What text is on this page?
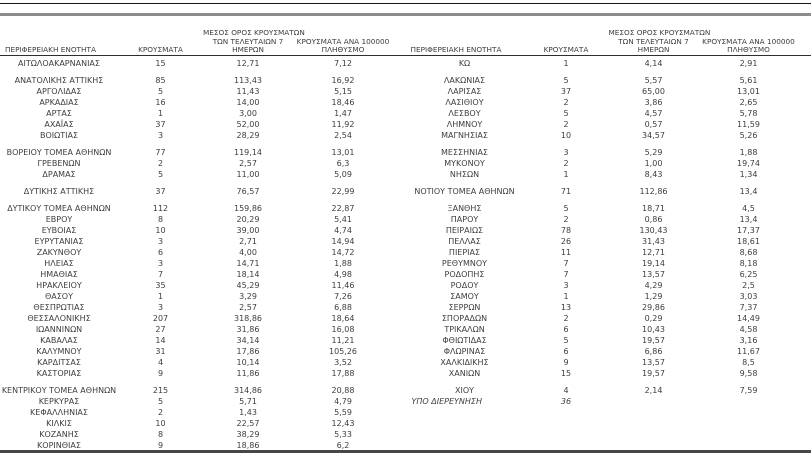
ΠΕΡΙΦΕΡΕΙΑΚΗ ΕΝΟΤΗΤΑ	ΚΡΟΥΣΜΑΤΑ
ΜΕΣΟΣ ΟΡΟΣ ΚΡΟΥΣΜΑΤΩΝ
ΤΩΝ ΤΕΛΕΥΤΑΙΩΝ 7
ΗΜΕΡΩΝ
ΚΡΟΥΣΜΑΤΑ ΑΝΑ 100000
ΠΛΗΘΥΣΜΟ
ΑΙΤΩΛΟΑΚΑΡΝΑΝΙΑΣ	15	12,71	7,12
ΑΝΑΤΟΛΙΚΗΣ ΑΤΤΙΚΗΣ	85	113,43	16,92
ΑΡΓΟΛΙΔΑΣ	5	11,43	5,15
ΑΡΚΑΔΙΑΣ	16	14,00	18,46
ΑΡΤΑΣ	1	3,00	1,47
ΑΧΑΪΑΣ	37	52,00	11,92
ΒΟΙΩΤΙΑΣ	3	28,29	2,54
ΒΟΡΕΙΟΥ ΤΟΜΕΑ ΑΘΗΝΩΝ	77	119,14	13,01
ΓΡΕΒΕΝΩΝ	2	2,57	6,3
ΔΡΑΜΑΣ	5	11,00	5,09
ΔΥΤΙΚΗΣ ΑΤΤΙΚΗΣ	37	76,57	22,99
ΔΥΤΙΚΟΥ ΤΟΜΕΑ ΑΘΗΝΩΝ	112	159,86	22,87
ΕΒΡΟΥ	8	20,29	5,41
ΕΥΒΟΙΑΣ	10	39,00	4,74
ΕΥΡΥΤΑΝΙΑΣ	3	2,71	14,94
ΖΑΚΥΝΘΟΥ	6	4,00	14,72
ΗΛΕΙΑΣ	3	14,71	1,88
ΗΜΑΘΙΑΣ	7	18,14	4,98
ΗΡΑΚΛΕΙΟΥ	35	45,29	11,46
ΘΑΣΟΥ	1	3,29	7,26
ΘΕΣΠΡΩΤΙΑΣ	3	2,57	6,88
ΘΕΣΣΑΛΟΝΙΚΗΣ	207	318,86	18,64
ΙΩΑΝΝΙΝΩΝ	27	31,86	16,08
ΚΑΒΑΛΑΣ	14	34,14	11,21
ΚΑΛΥΜΝΟΥ	31	17,86	105,26
ΚΑΡΔΙΤΣΑΣ	4	10,14	3,52
ΚΑΣΤΟΡΙΑΣ	9	11,86	17,88
ΚΕΝΤΡΙΚΟΥ ΤΟΜΕΑ ΑΘΗΝΩΝ	215	314,86	20,88
ΚΕΡΚΥΡΑΣ	5	5,71	4,79
ΚΕΦΑΛΛΗΝΙΑΣ	2	1,43	5,59
ΚΙΛΚΙΣ	10	22,57	12,43
ΚΟΖΑΝΗΣ	8	38,29	5,33
ΚΟΡΙΝΘΙΑΣ	9	18,86	6,2
ΠΕΡΙΦΕΡΕΙΑΚΗ ΕΝΟΤΗΤΑ	ΚΡΟΥΣΜΑΤΑ
ΜΕΣΟΣ ΟΡΟΣ ΚΡΟΥΣΜΑΤΩΝ
ΤΩΝ ΤΕΛΕΥΤΑΙΩΝ 7
ΗΜΕΡΩΝ
ΚΡΟΥΣΜΑΤΑ ΑΝΑ 100000
ΠΛΗΘΥΣΜΟ
ΚΩ	1	4,14	2,91
ΛΑΚΩΝΙΑΣ	5	5,57	5,61
ΛΑΡΙΣΑΣ	37	65,00	13,01
ΛΑΣΙΘΙΟΥ	2	3,86	2,65
ΛΕΣΒΟΥ	5	4,57	5,78
ΛΗΜΝΟΥ	2	0,57	11,59
ΜΑΓΝΗΣΙΑΣ	10	34,57	5,26
ΜΕΣΣΗΝΙΑΣ	3	5,29	1,88
ΜΥΚΟΝΟΥ	2	1,00	19,74
ΝΗΣΩΝ	1	8,43	1,34
ΝΟΤΙΟΥ ΤΟΜΕΑ ΑΘΗΝΩΝ	71	112,86	13,4
ΞΑΝΘΗΣ	5	18,71	4,5
ΠΑΡΟΥ	2	0,86	13,4
ΠΕΙΡΑΙΩΣ	78	130,43	17,37
ΠΕΛΛΑΣ	26	31,43	18,61
ΠΙΕΡΙΑΣ	11	12,71	8,68
ΡΕΘΥΜΝΟΥ	7	19,14	8,18
ΡΟΔΟΠΗΣ	7	13,57	6,25
ΡΟΔΟΥ	3	4,29	2,5
ΣΑΜΟΥ	1	1,29	3,03
ΣΕΡΡΩΝ	13	29,86	7,37
ΣΠΟΡΑΔΩΝ	2	0,29	14,49
ΤΡΙΚΑΛΩΝ	6	10,43	4,58
ΦΘΙΩΤΙΔΑΣ	5	19,57	3,16
ΦΛΩΡΙΝΑΣ	6	6,86	11,67
ΧΑΛΚΙΔΙΚΗΣ	9	13,57	8,5
ΧΑΝΙΩΝ	15	19,57	9,58
ΧΙΟΥ	4	2,14	7,59
ΥΠΟ ΔΙΕΡΕΥΝΗΣΗ	36
